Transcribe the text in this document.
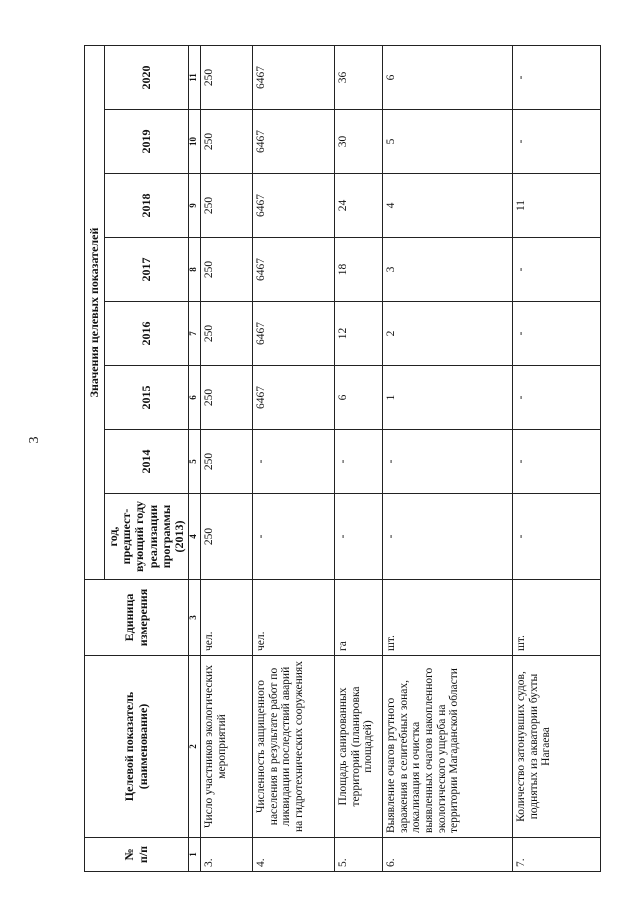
3
№ п/п	Целевой показатель (наименование)	Единица измерения	Значения целевых показателей							
			год, предшест-вующий году реализации программы (2013)	2014	2015	2016	2017	2018	2019	2020
1	2	3	4	5	6	7	8	9	10	11
3.	Число участников экологических мероприятий	чел.	250	250	250	250	250	250	250	250
4.	Численность защищенного населения в результате работ по ликвидации последствий аварий на гидротехнических сооружениях	чел.	-	-	6467	6467	6467	6467	6467	6467
5.	Площадь санированных территорий (планировка площадей)	га	-	-	6	12	18	24	30	36
6.	Выявление очагов ртутного заражения в селитебных зонах, локализация и очистка выявленных очагов накопленного экологического ущерба на территории Магаданской области	шт.	-	-	1	2	3	4	5	6
7.	Количество затонувших судов, поднятых из акватории бухты Нагаева	шт.	-	-	-	-	-	11	-	-
